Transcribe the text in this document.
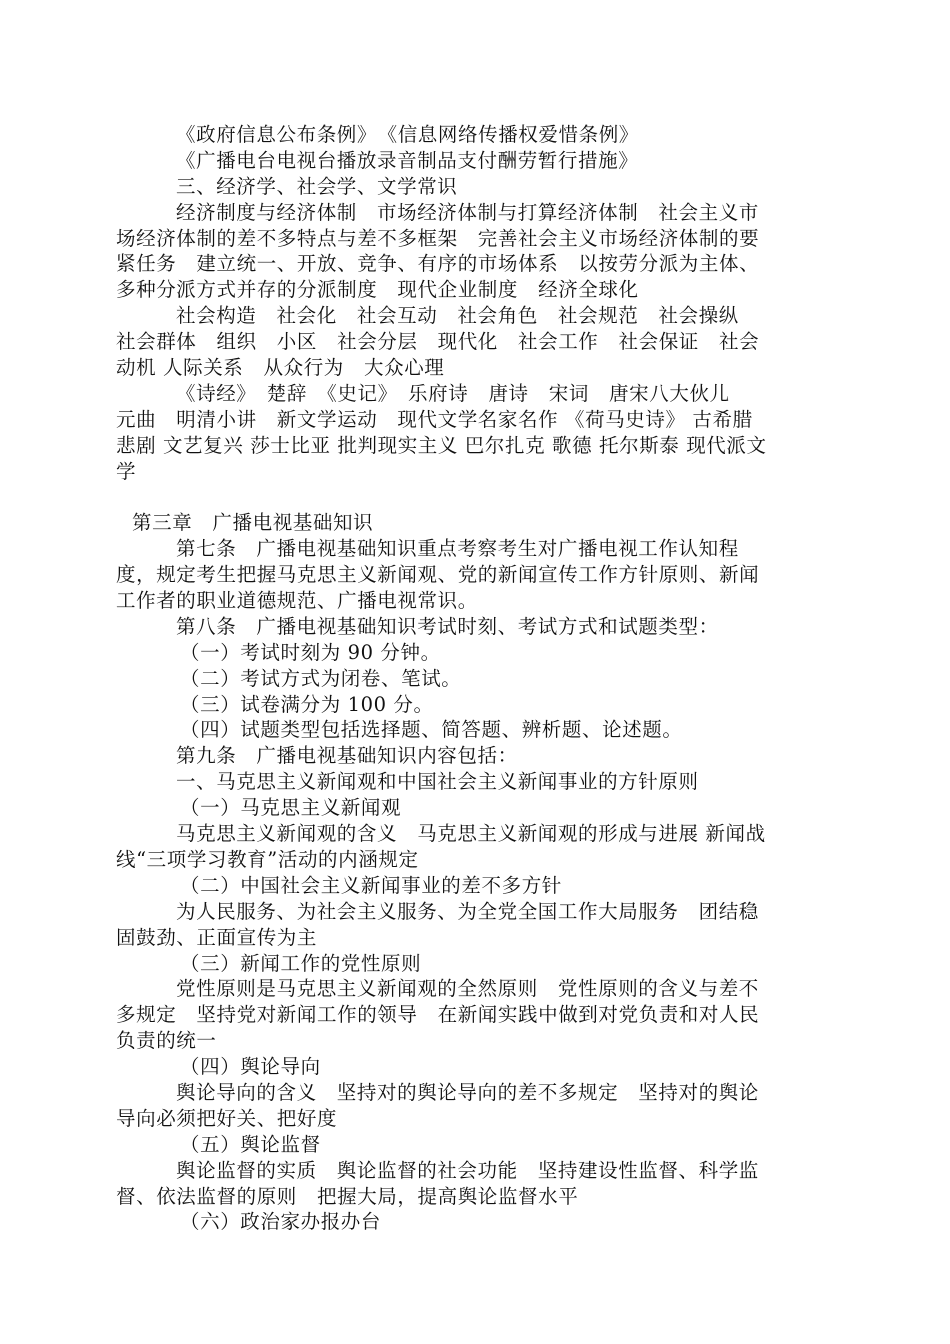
《政府信息公布条例》　《信息网络传播权爱惜条例》
《广播电台电视台播放录音制品支付酬劳暂行措施》
三、经济学、社会学、文学常识
经济制度与经济体制　市场经济体制与打算经济体制　社会主义市
场经济体制的差不多特点与差不多框架　完善社会主义市场经济体制的要
紧任务　建立统一、开放、竞争、有序的市场体系　以按劳分派为主体、
多种分派方式并存的分派制度　现代企业制度　经济全球化
社会构造　社会化　社会互动　社会角色　社会规范　社会操纵
社会群体　组织　小区　社会分层　现代化　社会工作　社会保证　社会
动机 人际关系　从众行为　大众心理
《诗经》　楚辞　《史记》　乐府诗　唐诗　宋词　唐宋八大伙儿
元曲　明清小讲　新文学运动　现代文学名家名作 《荷马史诗》 古希腊
悲剧 文艺复兴 莎士比亚 批判现实主义 巴尔扎克 歌德 托尔斯泰 现代派文
学
第三章　广播电视基础知识
第七条　广播电视基础知识重点考察考生对广播电视工作认知程
度，规定考生把握马克思主义新闻观、党的新闻宣传工作方针原则、新闻
工作者的职业道德规范、广播电视常识。
第八条　广播电视基础知识考试时刻、考试方式和试题类型：
（一）考试时刻为 90 分钟。
（二）考试方式为闭卷、笔试。
（三）试卷满分为 100 分。
（四）试题类型包括选择题、简答题、辨析题、论述题。
第九条　广播电视基础知识内容包括：
一、马克思主义新闻观和中国社会主义新闻事业的方针原则
（一）马克思主义新闻观
马克思主义新闻观的含义　马克思主义新闻观的形成与进展 新闻战
线“三项学习教育”活动的内涵规定
（二）中国社会主义新闻事业的差不多方针
为人民服务、为社会主义服务、为全党全国工作大局服务　团结稳
固鼓劲、正面宣传为主
（三）新闻工作的党性原则
党性原则是马克思主义新闻观的全然原则　党性原则的含义与差不
多规定　坚持党对新闻工作的领导　在新闻实践中做到对党负责和对人民
负责的统一
（四）舆论导向
舆论导向的含义　坚持对的舆论导向的差不多规定　坚持对的舆论
导向必须把好关、把好度
（五）舆论监督
舆论监督的实质　舆论监督的社会功能　坚持建设性监督、科学监
督、依法监督的原则　把握大局，提高舆论监督水平
（六）政治家办报办台
